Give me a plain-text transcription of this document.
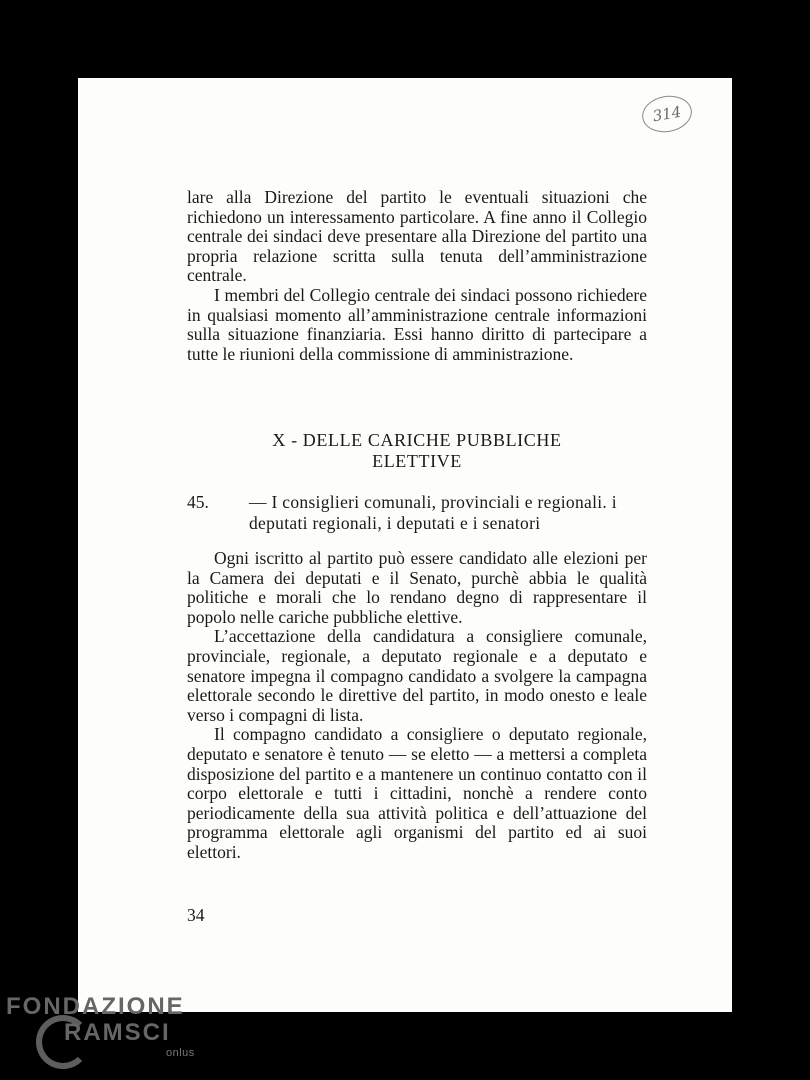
314

lare alla Direzione del partito le eventuali situazioni che richiedono un interessamento particolare. A fine anno il Collegio centrale dei sindaci deve presentare alla Direzione del partito una propria relazione scritta sulla tenuta dell’amministrazione centrale.

I membri del Collegio centrale dei sindaci possono richiedere in qualsiasi momento all’amministrazione centrale informazioni sulla situazione finanziaria. Essi hanno diritto di partecipare a tutte le riunioni della commissione di amministrazione.

X - DELLE CARICHE PUBBLICHE
ELETTIVE
45. — I consiglieri comunali, provinciali e regionali. i
deputati regionali, i deputati e i senatori

Ogni iscritto al partito può essere candidato alle elezioni per la Camera dei deputati e il Senato, purchè abbia le qualità politiche e morali che lo rendano degno di rappresentare il popolo nelle cariche pubbliche elettive.

L’accettazione della candidatura a consigliere comunale, provinciale, regionale, a deputato regionale e a deputato e senatore impegna il compagno candidato a svolgere la campagna elettorale secondo le direttive del partito, in modo onesto e leale verso i compagni di lista.

Il compagno candidato a consigliere o deputato regionale, deputato e senatore è tenuto — se eletto — a mettersi a completa disposizione del partito e a mantenere un continuo contatto con il corpo elettorale e tutti i cittadini, nonchè a rendere conto periodicamente della sua attività politica e dell’attuazione del programma elettorale agli organismi del partito ed ai suoi elettori.

34
FONDAZIONE
RAMSCI
onlus
